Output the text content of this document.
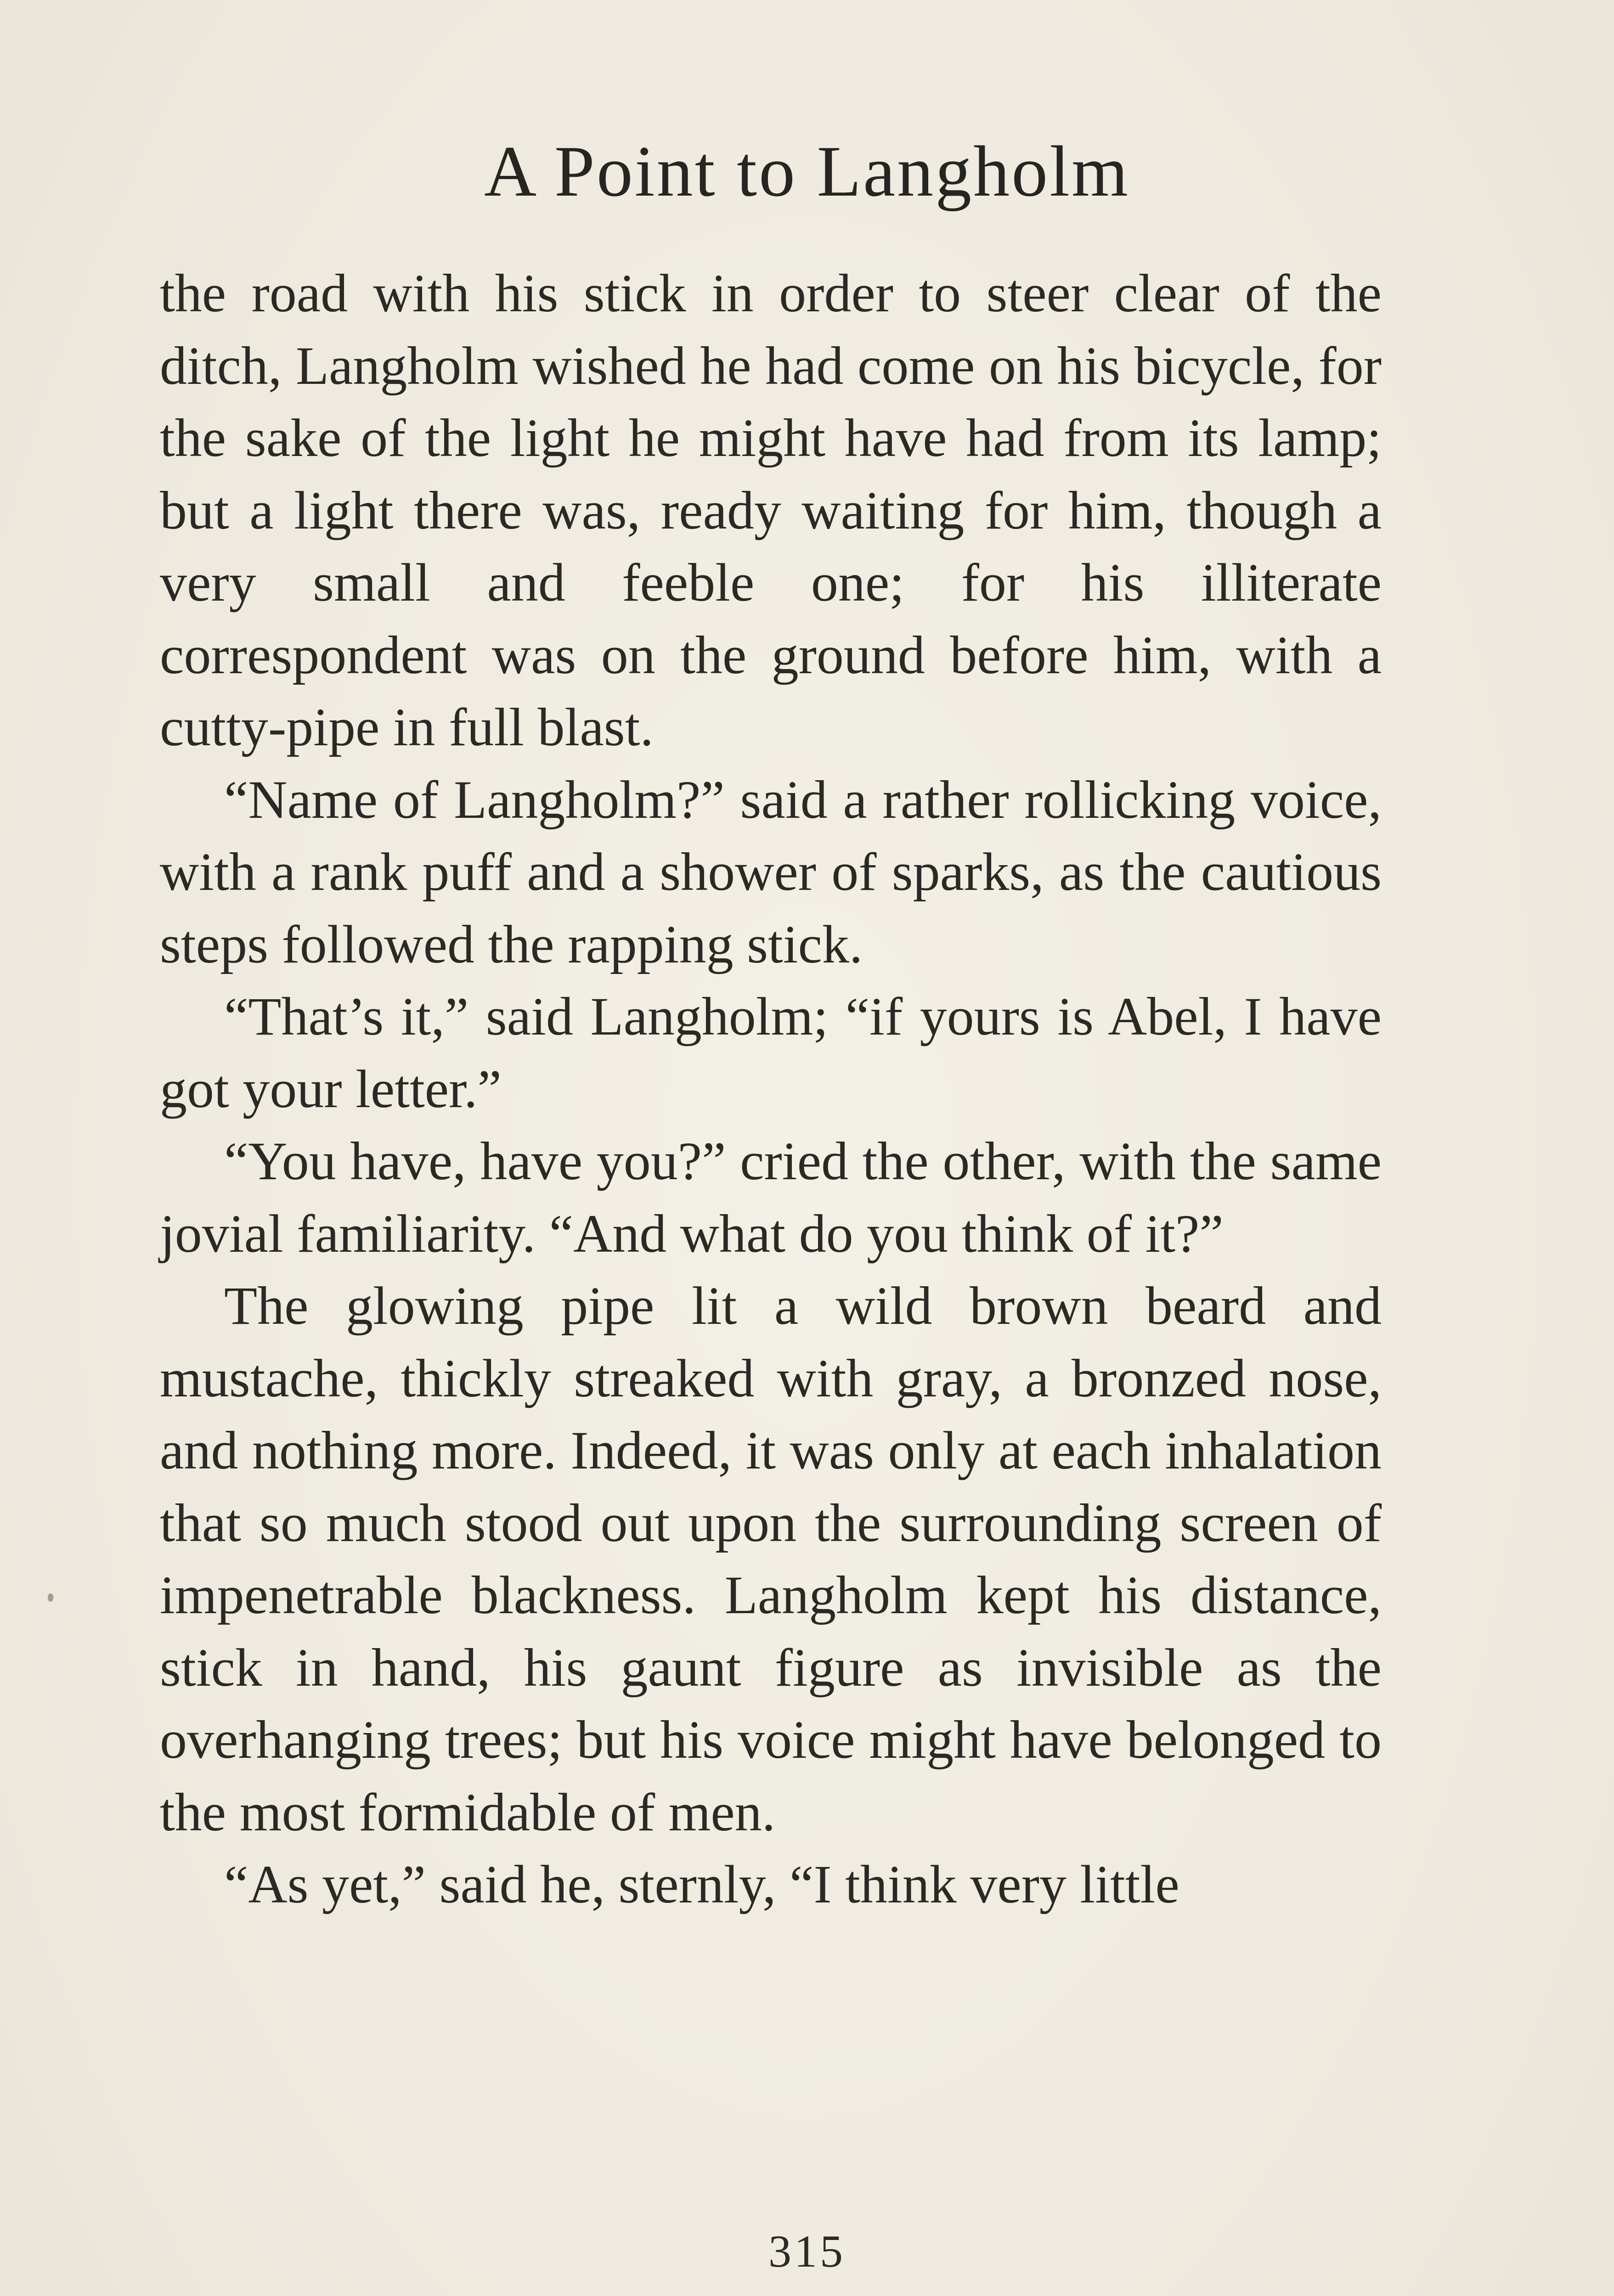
A Point to Langholm

the road with his stick in order to steer clear of the ditch, Langholm wished he had come on his bicycle, for the sake of the light he might have had from its lamp; but a light there was, ready waiting for him, though a very small and feeble one; for his illiterate correspondent was on the ground before him, with a cutty-pipe in full blast.

“Name of Langholm?” said a rather rollicking voice, with a rank puff and a shower of sparks, as the cautious steps followed the rapping stick.

“That’s it,” said Langholm; “if yours is Abel, I have got your letter.”

“You have, have you?” cried the other, with the same jovial familiarity. “And what do you think of it?”

The glowing pipe lit a wild brown beard and mustache, thickly streaked with gray, a bronzed nose, and nothing more. Indeed, it was only at each inhalation that so much stood out upon the surrounding screen of impenetrable blackness. Langholm kept his distance, stick in hand, his gaunt figure as invisible as the overhanging trees; but his voice might have belonged to the most formidable of men.

“As yet,” said he, sternly, “I think very little

315
